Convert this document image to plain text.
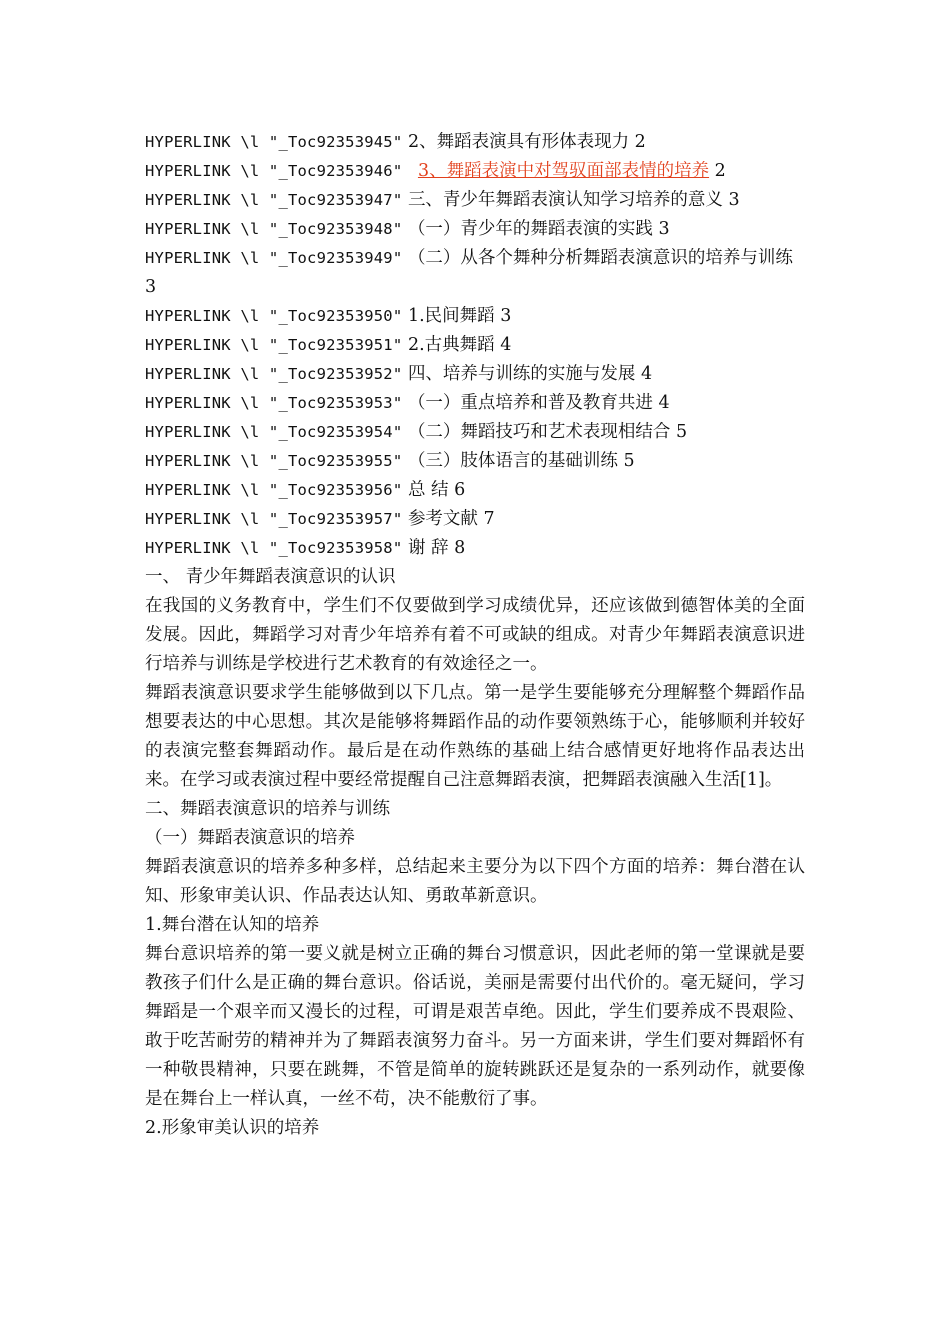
HYPERLINK \l "_Toc92353945" 2、舞蹈表演具有形体表现力 2
HYPERLINK \l "_Toc92353946" 3、舞蹈表演中对驾驭面部表情的培养 2
HYPERLINK \l "_Toc92353947" 三、青少年舞蹈表演认知学习培养的意义 3
HYPERLINK \l "_Toc92353948" （一）青少年的舞蹈表演的实践 3
HYPERLINK \l "_Toc92353949" （二）从各个舞种分析舞蹈表演意识的培养与训练 3
HYPERLINK \l "_Toc92353950" 1.民间舞蹈 3
HYPERLINK \l "_Toc92353951" 2.古典舞蹈 4
HYPERLINK \l "_Toc92353952" 四、培养与训练的实施与发展 4
HYPERLINK \l "_Toc92353953" （一）重点培养和普及教育共进 4
HYPERLINK \l "_Toc92353954" （二）舞蹈技巧和艺术表现相结合 5
HYPERLINK \l "_Toc92353955" （三）肢体语言的基础训练 5
HYPERLINK \l "_Toc92353956" 总 结 6
HYPERLINK \l "_Toc92353957" 参考文献 7
HYPERLINK \l "_Toc92353958" 谢 辞 8
一、 青少年舞蹈表演意识的认识
在我国的义务教育中，学生们不仅要做到学习成绩优异，还应该做到德智体美的全面发展。因此，舞蹈学习对青少年培养有着不可或缺的组成。对青少年舞蹈表演意识进行培养与训练是学校进行艺术教育的有效途径之一。
舞蹈表演意识要求学生能够做到以下几点。第一是学生要能够充分理解整个舞蹈作品想要表达的中心思想。其次是能够将舞蹈作品的动作要领熟练于心，能够顺利并较好的表演完整套舞蹈动作。最后是在动作熟练的基础上结合感情更好地将作品表达出来。在学习或表演过程中要经常提醒自己注意舞蹈表演，把舞蹈表演融入生活[1]。
二、舞蹈表演意识的培养与训练
（一）舞蹈表演意识的培养
舞蹈表演意识的培养多种多样，总结起来主要分为以下四个方面的培养：舞台潜在认知、形象审美认识、作品表达认知、勇敢革新意识。
1.舞台潜在认知的培养
舞台意识培养的第一要义就是树立正确的舞台习惯意识，因此老师的第一堂课就是要教孩子们什么是正确的舞台意识。俗话说，美丽是需要付出代价的。毫无疑问，学习舞蹈是一个艰辛而又漫长的过程，可谓是艰苦卓绝。因此，学生们要养成不畏艰险、敢于吃苦耐劳的精神并为了舞蹈表演努力奋斗。另一方面来讲，学生们要对舞蹈怀有一种敬畏精神，只要在跳舞，不管是简单的旋转跳跃还是复杂的一系列动作，就要像是在舞台上一样认真，一丝不苟，决不能敷衍了事。
2.形象审美认识的培养
